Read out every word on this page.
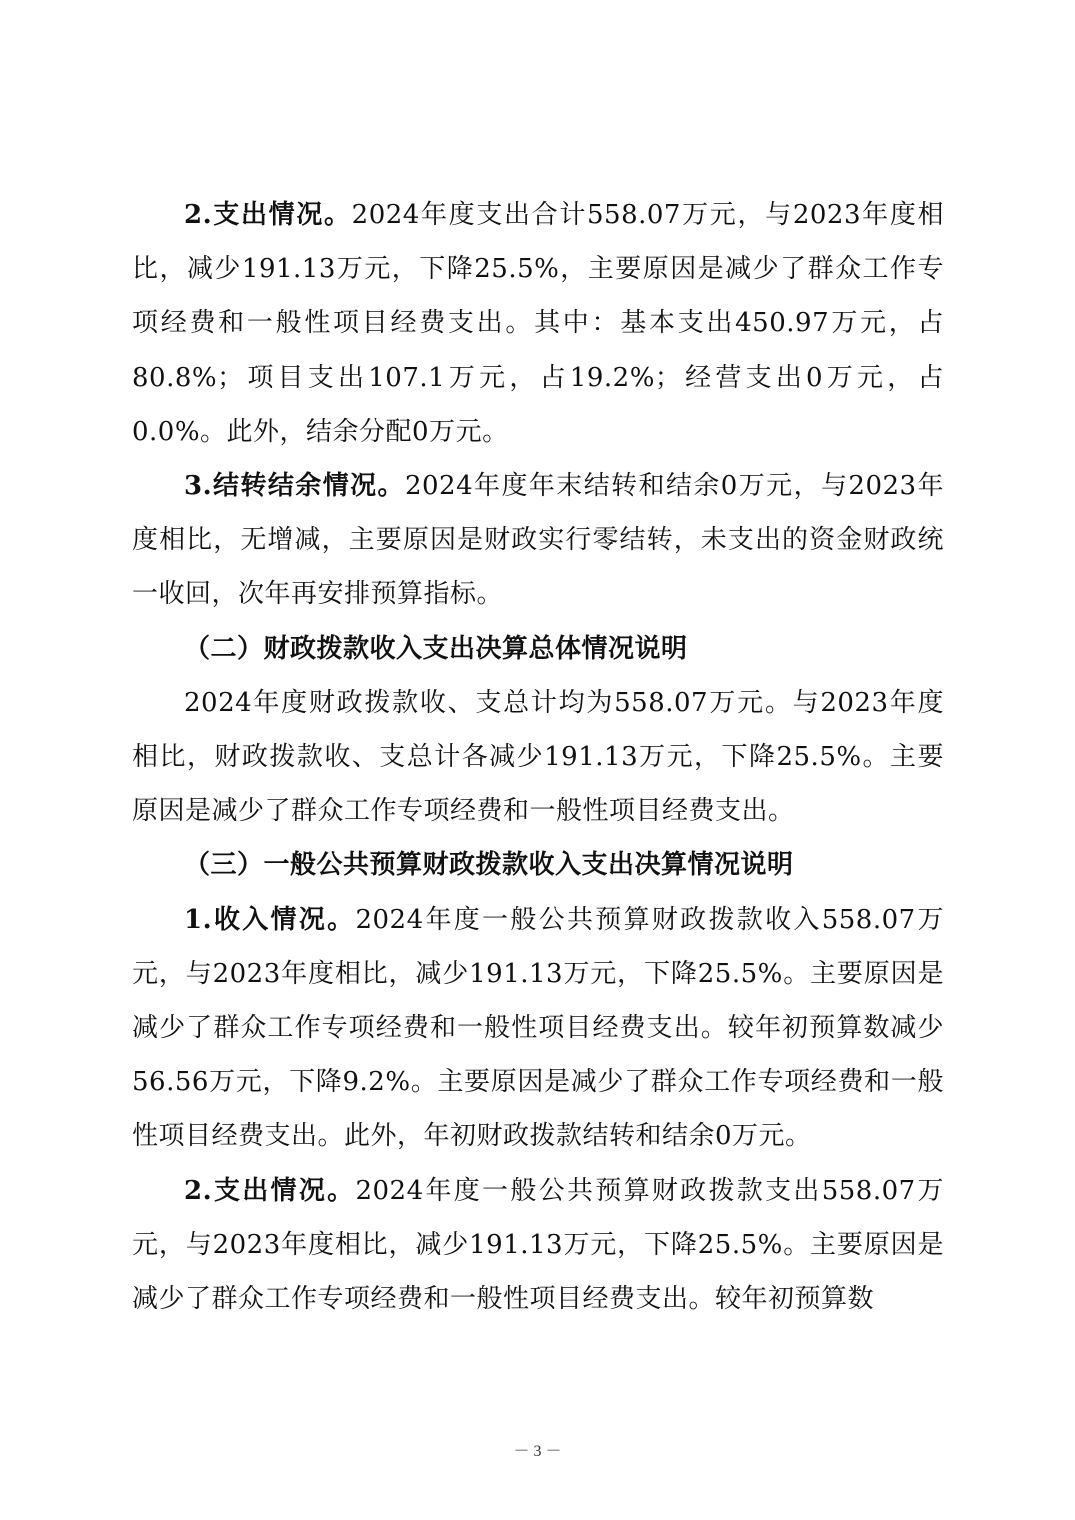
2.支出情况。2024年度支出合计558.07万元，与2023年度相比，减少191.13万元，下降25.5%，主要原因是减少了群众工作专项经费和一般性项目经费支出。其中：基本支出450.97万元，占80.8%；项目支出107.1万元，占19.2%；经营支出0万元，占0.0%。此外，结余分配0万元。

3.结转结余情况。2024年度年末结转和结余0万元，与2023年度相比，无增减，主要原因是财政实行零结转，未支出的资金财政统一收回，次年再安排预算指标。

（二）财政拨款收入支出决算总体情况说明

2024年度财政拨款收、支总计均为558.07万元。与2023年度相比，财政拨款收、支总计各减少191.13万元，下降25.5%。主要原因是减少了群众工作专项经费和一般性项目经费支出。

（三）一般公共预算财政拨款收入支出决算情况说明

1.收入情况。2024年度一般公共预算财政拨款收入558.07万元，与2023年度相比，减少191.13万元，下降25.5%。主要原因是减少了群众工作专项经费和一般性项目经费支出。较年初预算数减少56.56万元，下降9.2%。主要原因是减少了群众工作专项经费和一般性项目经费支出。此外，年初财政拨款结转和结余0万元。

2.支出情况。2024年度一般公共预算财政拨款支出558.07万元，与2023年度相比，减少191.13万元，下降25.5%。主要原因是减少了群众工作专项经费和一般性项目经费支出。较年初预算数

－ 3 －
